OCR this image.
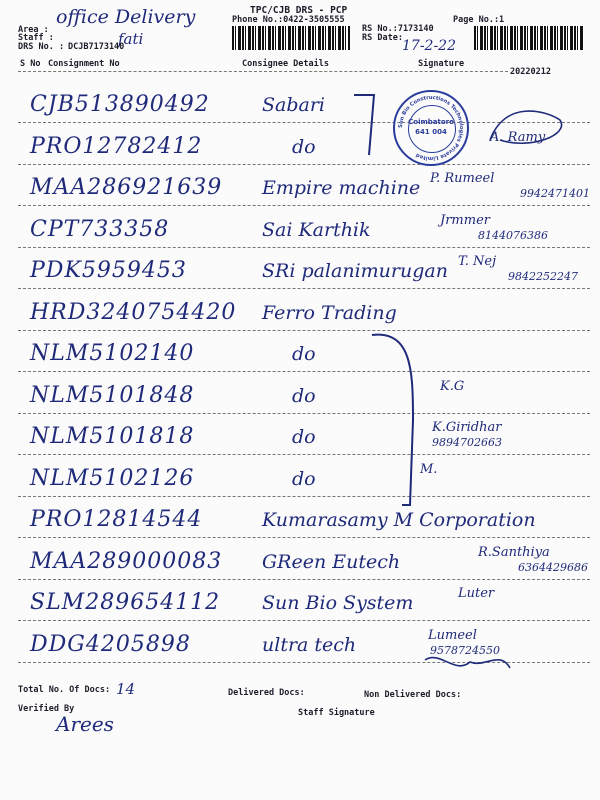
Area :
office Delivery
Staff :	fati
DRS No. : DCJB7173140
TPC/CJB DRS - PCP
Phone No.:0422-3505555
RS No.:7173140
RS Date: 17-2-22
Page No.:1
S No Consignment No	Consignee Details	Signature
20220212
CJB513890492	Sabari
PRO12782412	do	A. Ramy
MAA286921639 Empire machine P. Rumeel
9942471401
CPT733358	Sai Karthik	Jrmmer
8144076386
PDK5959453	SRi palanimurugan T. Nej
9842252247
HRD3240754420 Ferro Trading
NLM5102140	do
NLM5101848	do	K.G
NLM5101818	do	K.Giridhar
9894702663
NLM5102126	do	M.
PRO12814544	Kumarasamy M Corporation
MAA289000083 GReen Eutech	R.Santhiya
6364429686
SLM289654112 Sun Bio System	Luter
DDG4205898	ultra tech	Lumeel
9578724550
Sun Bio Constructions Technologies Private Limited
Coimbatore
641 004
Total No. Of Docs: 14	Delivered Docs:	Non Delivered Docs:
Verified By
Arees	Staff Signature
